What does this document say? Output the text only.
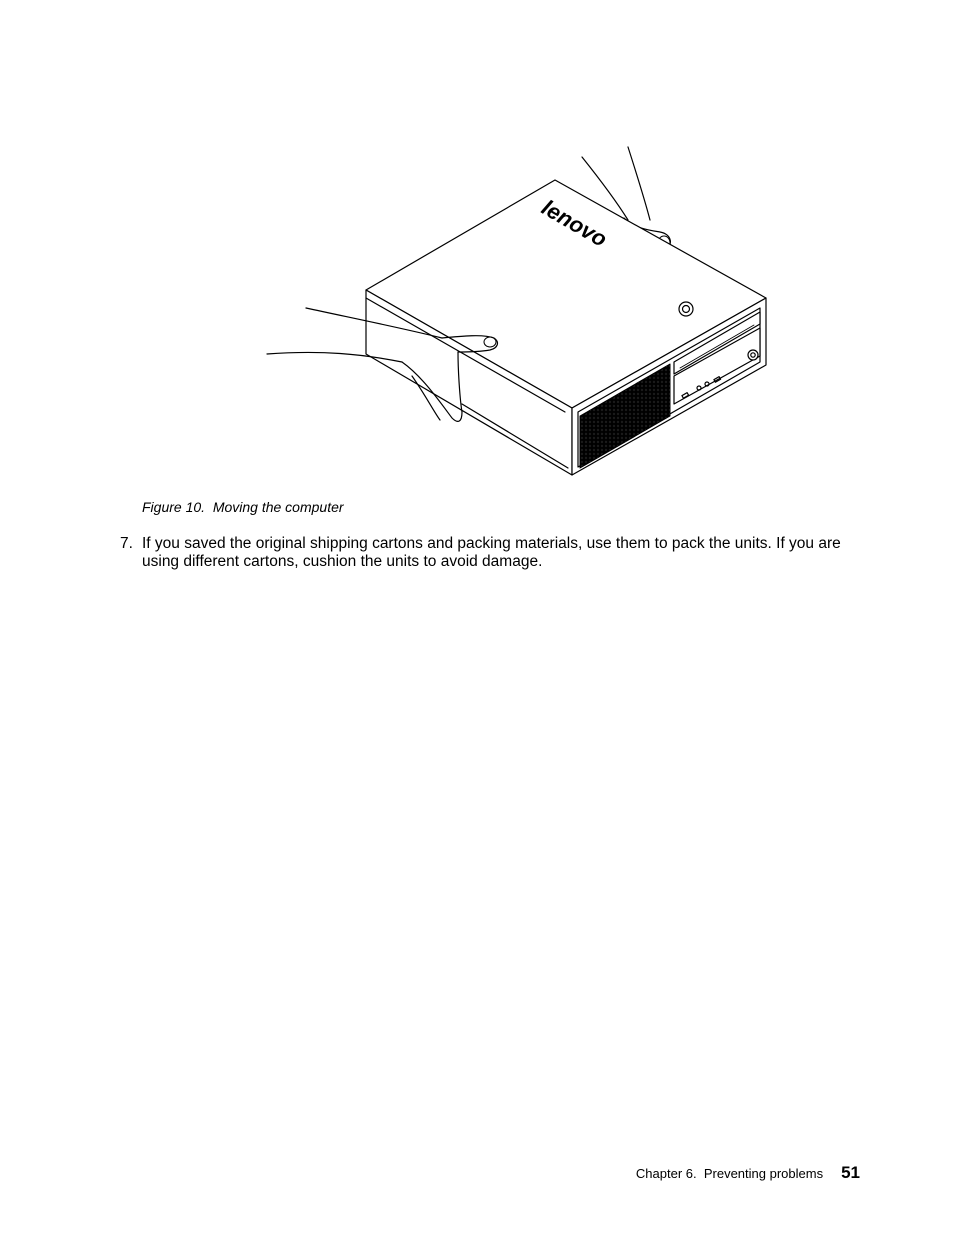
lenovo
Figure 10.  Moving the computer
7. If you saved the original shipping cartons and packing materials, use them to pack the units. If you are using different cartons, cushion the units to avoid damage.
Chapter 6.  Preventing problems 51
